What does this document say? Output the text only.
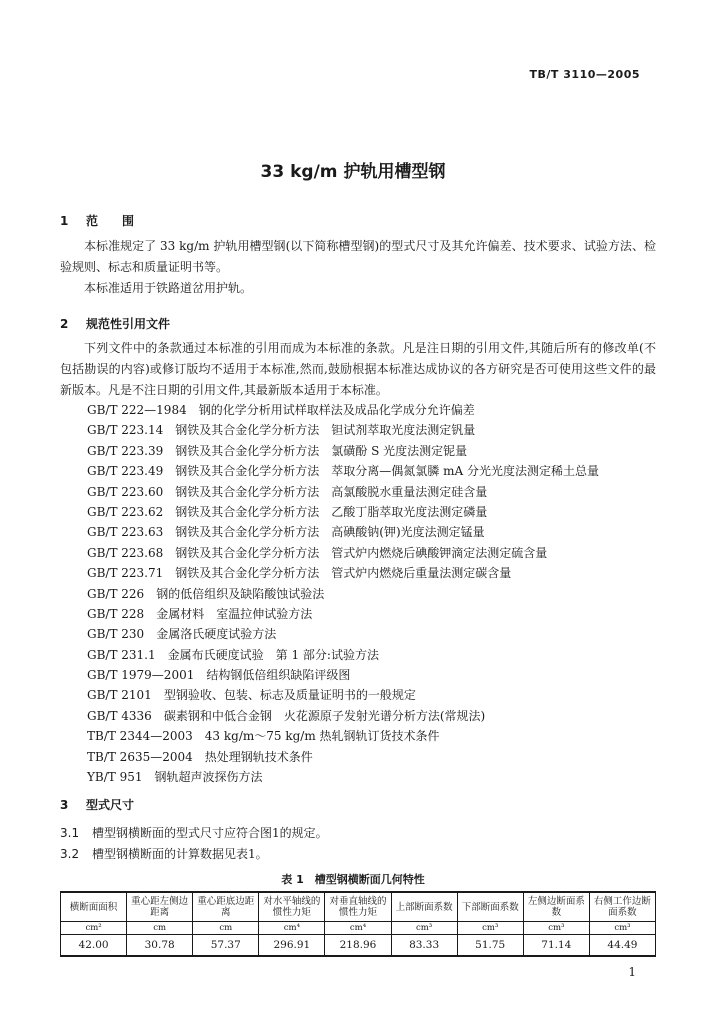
TB/T 3110—2005
33 kg/m 护轨用槽型钢
1 范　　围
本标准规定了 33 kg/m 护轨用槽型钢(以下简称槽型钢)的型式尺寸及其允许偏差、技术要求、试验方法、检验规则、标志和质量证明书等。
本标准适用于铁路道岔用护轨。
2 规范性引用文件
下列文件中的条款通过本标准的引用而成为本标准的条款。凡是注日期的引用文件,其随后所有的修改单(不包括勘误的内容)或修订版均不适用于本标准,然而,鼓励根据本标准达成协议的各方研究是否可使用这些文件的最新版本。凡是不注日期的引用文件,其最新版本适用于本标准。
GB/T 222—1984　 钢的化学分析用试样取样法及成品化学成分允许偏差
GB/T 223.14　 钢铁及其合金化学分析方法　钽试剂萃取光度法测定钒量
GB/T 223.39　 钢铁及其合金化学分析方法　氯磺酚 S 光度法测定铌量
GB/T 223.49　 钢铁及其合金化学分析方法　萃取分离—偶氮氯膦 mA 分光光度法测定稀土总量
GB/T 223.60　 钢铁及其合金化学分析方法　高氯酸脱水重量法测定硅含量
GB/T 223.62　 钢铁及其合金化学分析方法　乙酸丁脂萃取光度法测定磷量
GB/T 223.63　 钢铁及其合金化学分析方法　高碘酸钠(钾)光度法测定锰量
GB/T 223.68　 钢铁及其合金化学分析方法　管式炉内燃烧后碘酸钾滴定法测定硫含量
GB/T 223.71　 钢铁及其合金化学分析方法　管式炉内燃烧后重量法测定碳含量
GB/T 226　 钢的低倍组织及缺陷酸蚀试验法
GB/T 228　 金属材料　室温拉伸试验方法
GB/T 230　 金属洛氏硬度试验方法
GB/T 231.1　 金属布氏硬度试验　第 1 部分:试验方法
GB/T 1979—2001　 结构钢低倍组织缺陷评级图
GB/T 2101　 型钢验收、包装、标志及质量证明书的一般规定
GB/T 4336　 碳素钢和中低合金钢　火花源原子发射光谱分析方法(常规法)
TB/T 2344—2003　 43 kg/m～75 kg/m 热轧钢轨订货技术条件
TB/T 2635—2004　 热处理钢轨技术条件
YB/T 951　 钢轨超声波探伤方法
3 型式尺寸
3.1 槽型钢横断面的型式尺寸应符合图1的规定。
3.2 槽型钢横断面的计算数据见表1。
表 1　槽型钢横断面几何特性
横断面面积	重心距左侧边距离	重心距底边距离	对水平轴线的惯性力矩	对垂直轴线的惯性力矩	上部断面系数	下部断面系数	左侧边断面系数	右侧工作边断面系数
cm²	cm	cm	cm⁴	cm⁴	cm³	cm³	cm³	cm³
42.00	30.78	57.37	296.91	218.96	83.33	51.75	71.14	44.49
1
